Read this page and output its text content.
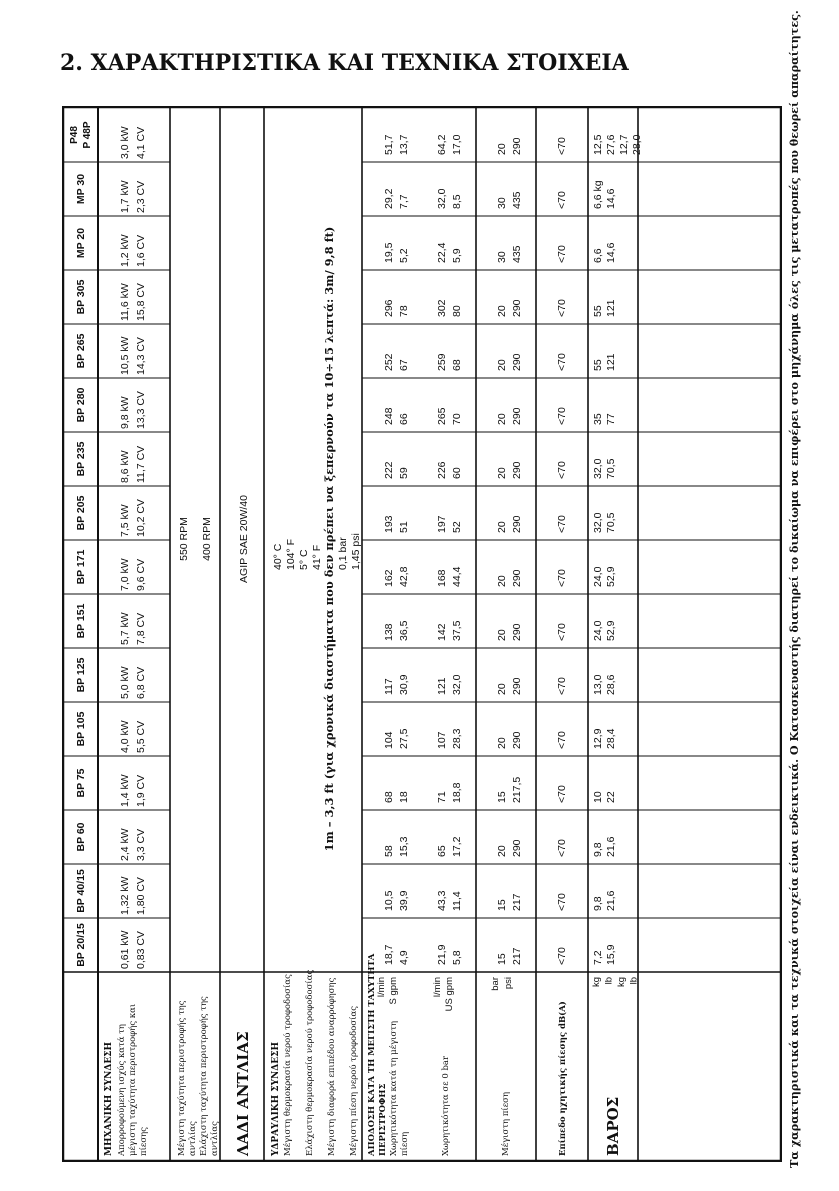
2. ΧΑΡΑΚΤΗΡΙΣΤΙΚΑ ΚΑΙ ΤΕΧΝΙΚΑ ΣΤΟΙΧΕΙΑ
BP 20/15
BP 40/15
BP 60
BP 75
BP 105
BP 125
BP 151
BP 171
BP 205
BP 235
BP 280
BP 265
BP 305
MP 20
MP 30
P48 P 48P
ΜΗΧΑΝΙΚΗ ΣΥΝΔΕΣΗ Απορροφούμενη ισχύς κατά τη μέγιστη ταχύτητα περιστροφής και πίεσης
0,61 kW
1,32 kW
2,4 kW
1,4 kW
4,0 kW
5,0 kW
5,7 kW
7,0 kW
7,5 kW
8,6 kW
9,8 kW
10,5 kW
11,6 kW
1,2 kW
1,7 kW
3,0 kW
0,83 CV
1,80 CV
3,3 CV
1,9 CV
5,5 CV
6,8 CV
7,8 CV
9,6 CV
10,2 CV
11,7 CV
13,3 CV
14,3 CV
15,8 CV
1,6 CV
2,3 CV
4,1 CV
Μέγιστη ταχύτητα περιστροφής της αντλίας Ελάχιστη ταχύτητα περιστροφής της αντλίας
550 RPM 400 RPM
ΛΑΔΙ ΑΝΤΛΙΑΣ
AGIP SAE 20W/40
ΥΔΡΑΥΛΙΚΗ ΣΥΝΔΕΣΗ Μέγιστη θερμοκρασία νερού τροφοδοσίας Ελάχιστη θερμοκρασία νερού τροφοδοσίας Μέγιστη διαφορά επιπέδου αναρρόφησης Μέγιστη πίεση νερού τροφοδοσίας
40° C 104° F 5° C 41° F 1m – 3,3 ft (για χρονικά διαστήματα που δεν πρέπει να ξεπερνούν τα 10÷15 λεπτά: 3m/ 9,8 ft) 0,1 bar 1,45 psi
ΑΠΟΔΟΣΗ ΚΑΤΑ ΤΗ ΜΕΓΙΣΤΗ ΤΑΧΥΤΗΤΑ ΠΕΡΙΣΤΡΟΦΗΣ Χωρητικότητα κατά τη μέγιστη πίεση
l/min S gpm
18,7
10,5
58
68
104
117
138
162
193
222
248
252
296
19,5
29,2
51,7
4,9
39,9
15,3
18
27,5
30,9
36,5
42,8
51
59
66
67
78
5,2
7,7
13,7
Χωρητικότητα σε 0 bar
l/min US gpm
21,9
43,3
65
71
107
121
142
168
197
226
265
259
302
22,4
32,0
64,2
5,8
11,4
17,2
18,8
28,3
32,0
37,5
44,4
52
60
70
68
80
5,9
8,5
17,0
Μέγιστη πίεση
bar psi
15
15
20
15
20
20
20
20
20
20
20
20
20
30
30
20
217
217
290
217,5
290
290
290
290
290
290
290
290
290
435
435
290
Επίπεδο ηχητικής πίεσης dB(A)
<70
<70
<70
<70
<70
<70
<70
<70
<70
<70
<70
<70
<70
<70
<70
<70
ΒΑΡΟΣ
kg lb kg lb
7,2 15,9
9,8 21,6
9,8 21,6
10 22
12,9 28,4
13,0 28,6
24,0 52,9
24,0 52,9
32,0 70,5
32,0 70,5
35 77
55 121
55 121
6,6 14,6
6,6 kg 14,6
12,5 27,6 12,7 28,0	Τα χαρακτηριστικά και τα τεχνικά στοιχεία είναι ενδεικτικά. Ο Κατασκευαστής διατηρεί το δικαίωμα να επιφέρει στο μηχάνημα όλες τις μετατροπές που θεωρεί απαραίτητες.
